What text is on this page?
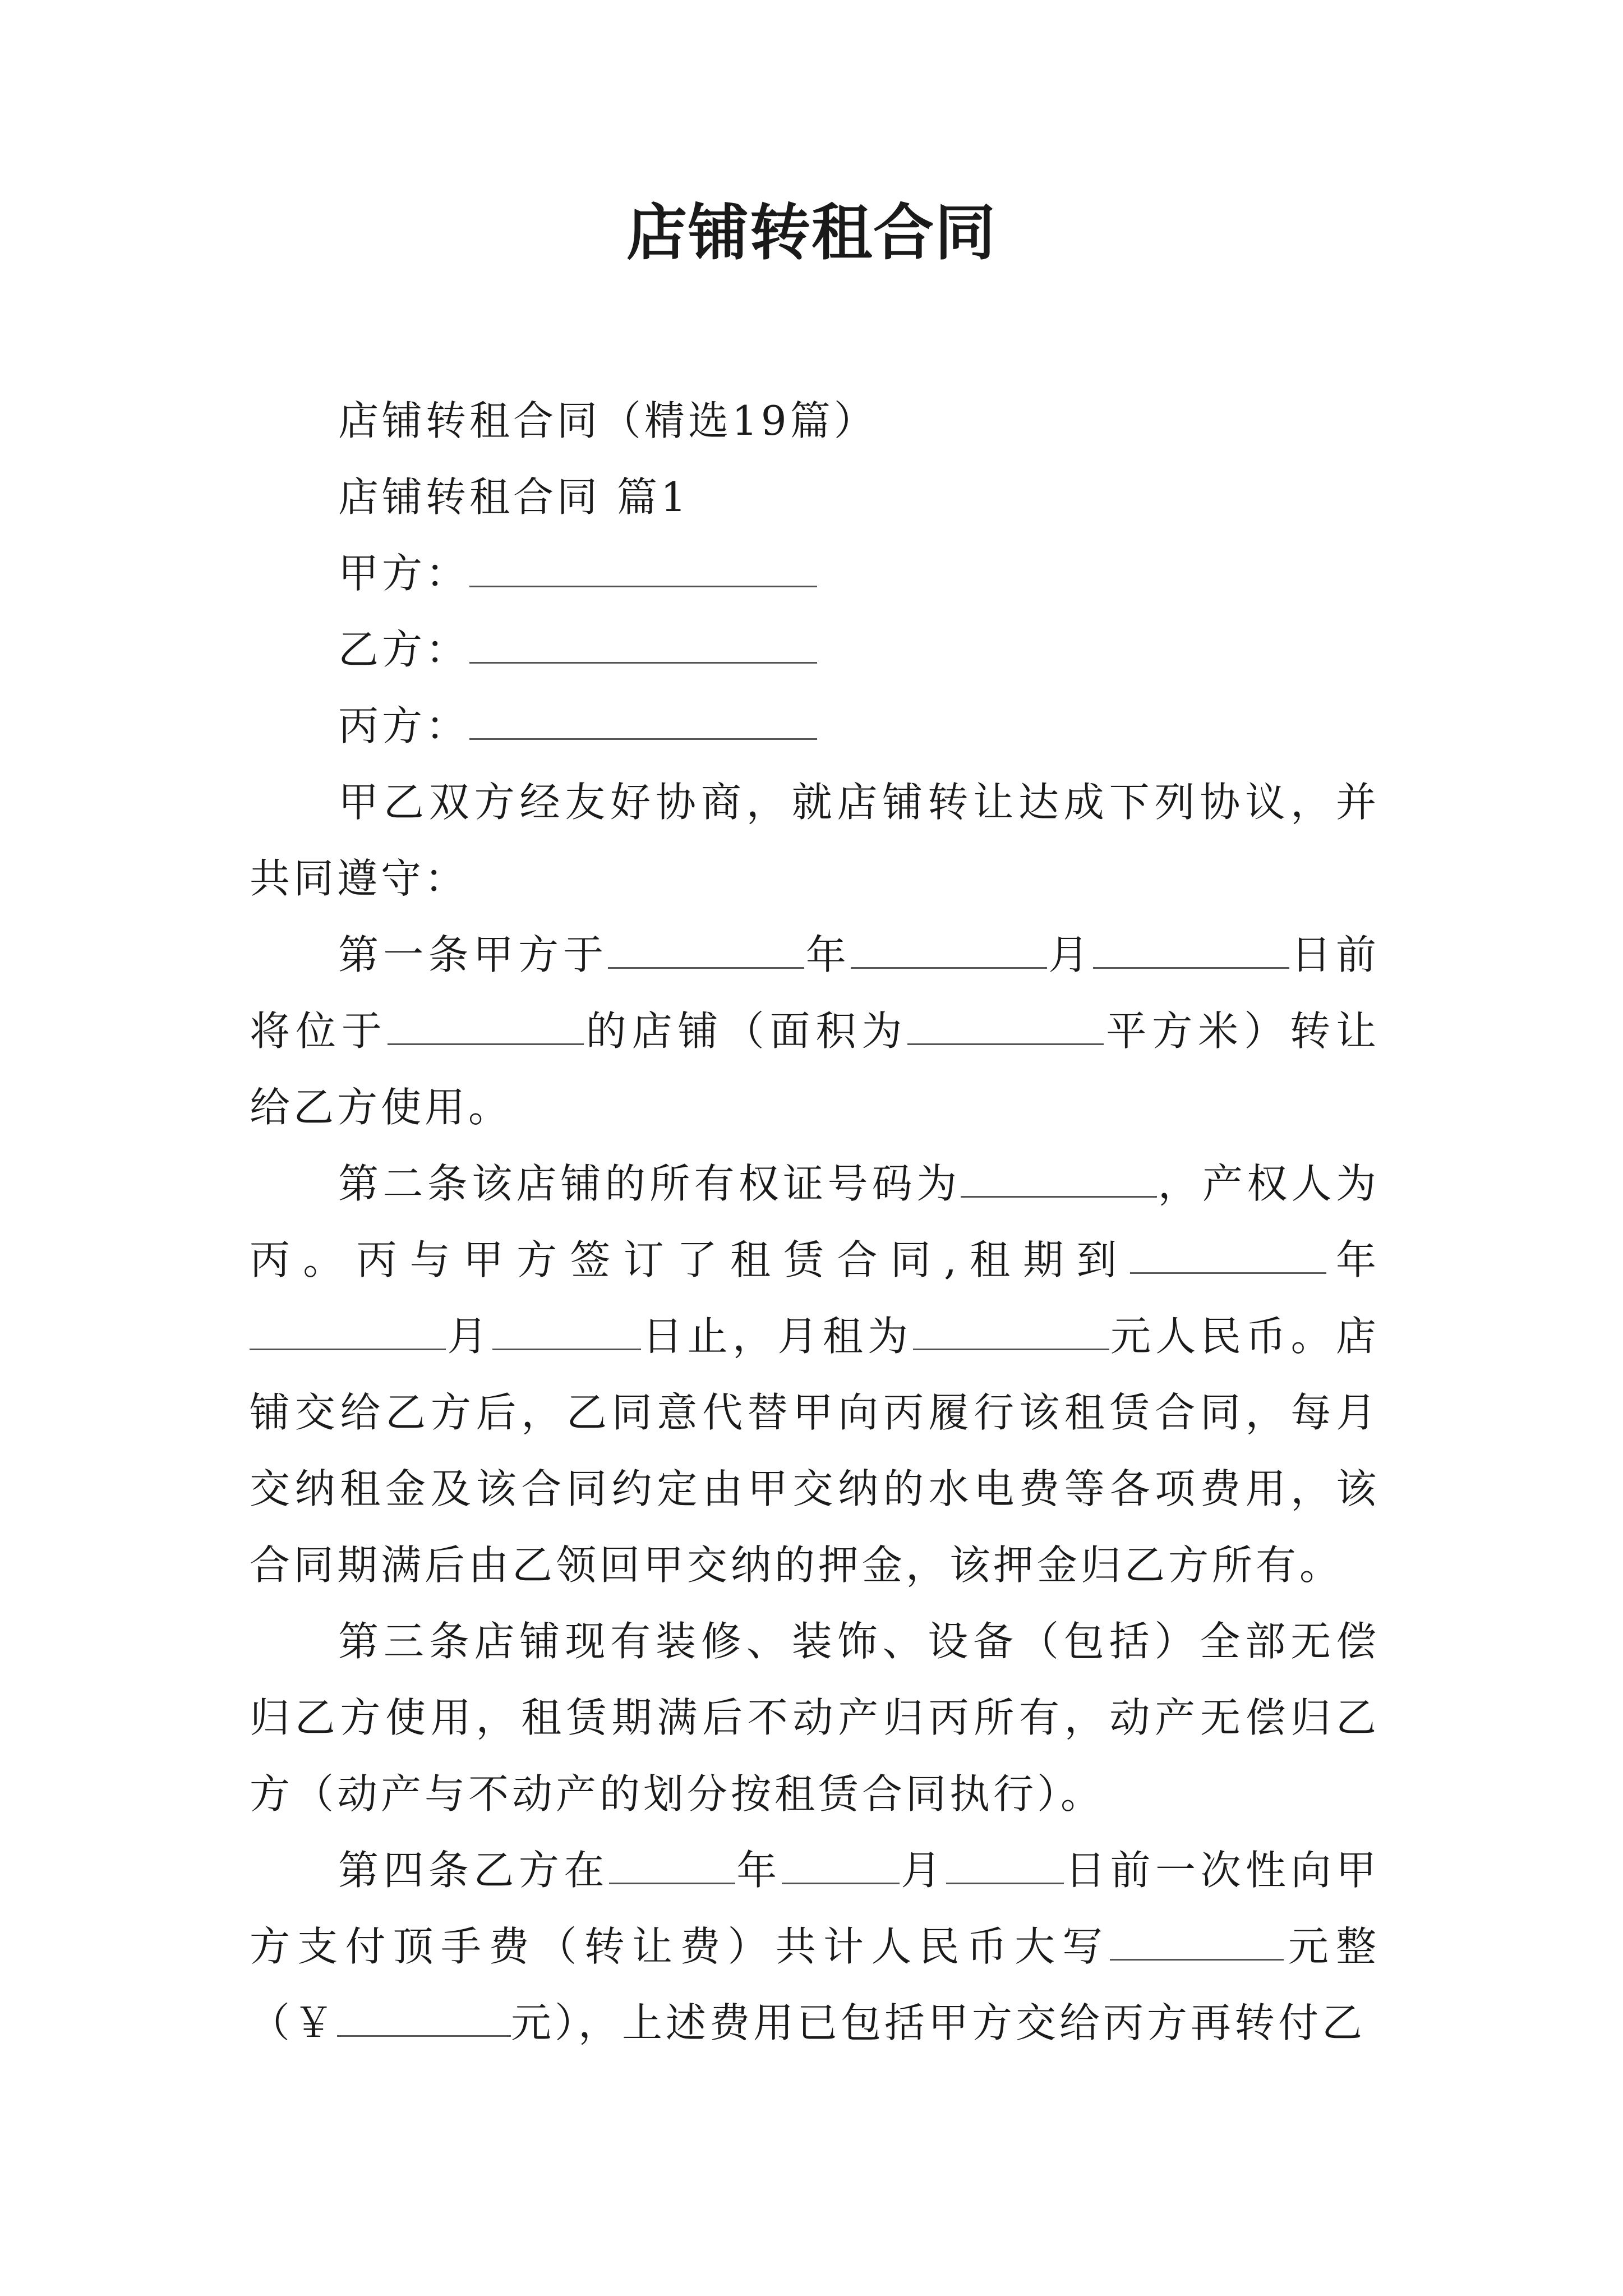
店铺转租合同

店铺转租合同（精选19篇）

店铺转租合同 篇1

甲方：

乙方：

丙方：

甲乙双方经友好协商，就店铺转让达成下列协议，并共同遵守：

第一条甲方于	年	月	日前将位于	的店铺（面积为	平方米）转让给乙方使用。

第二条该店铺的所有权证号码为	，产权人为丙。丙与甲方签订了租赁合同,租期到	年月	日止，月租为	元人民币。店铺交给乙方后，乙同意代替甲向丙履行该租赁合同，每月交纳租金及该合同约定由甲交纳的水电费等各项费用，该合同期满后由乙领回甲交纳的押金，该押金归乙方所有。

第三条店铺现有装修、装饰、设备（包括）全部无偿归乙方使用，租赁期满后不动产归丙所有，动产无偿归乙方（动产与不动产的划分按租赁合同执行）。

第四条乙方在	年	月	日前一次性向甲方支付顶手费（转让费）共计人民币大写	元整（￥	元），上述费用已包括甲方交给丙方再转付乙
